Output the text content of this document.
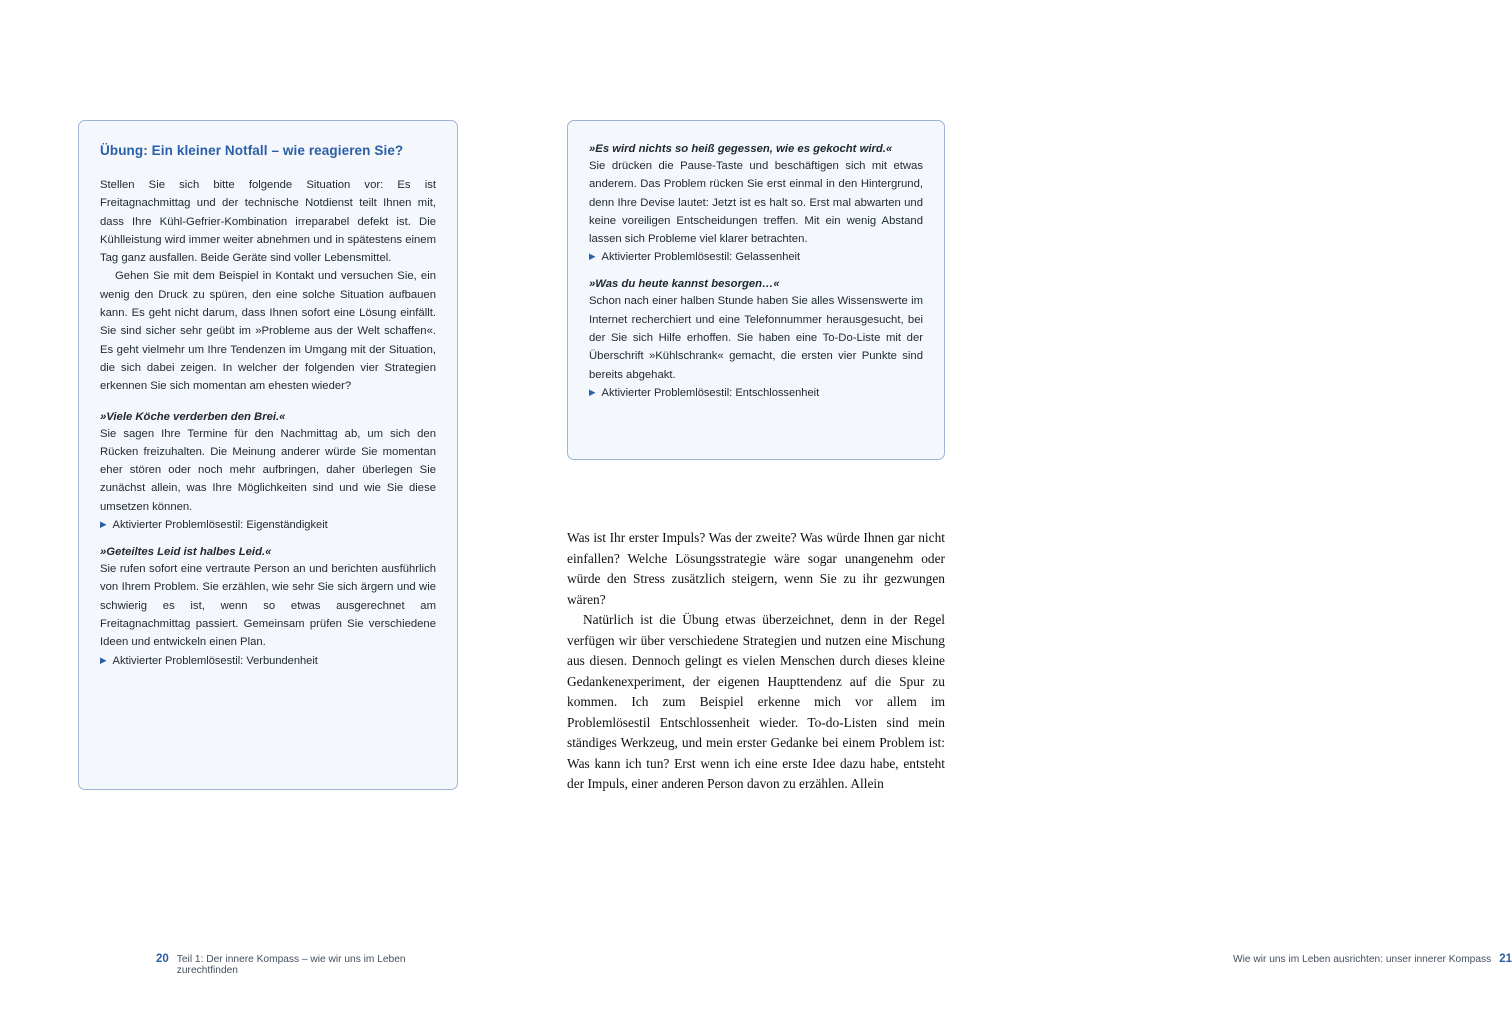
Übung: Ein kleiner Notfall – wie reagieren Sie?

Stellen Sie sich bitte folgende Situation vor: Es ist Freitagnachmittag und der technische Notdienst teilt Ihnen mit, dass Ihre Kühl-Gefrier-Kombination irreparabel defekt ist. Die Kühlleistung wird immer weiter abnehmen und in spätestens einem Tag ganz ausfallen. Beide Geräte sind voller Lebensmittel.

Gehen Sie mit dem Beispiel in Kontakt und versuchen Sie, ein wenig den Druck zu spüren, den eine solche Situation aufbauen kann. Es geht nicht darum, dass Ihnen sofort eine Lösung einfällt. Sie sind sicher sehr geübt im »Probleme aus der Welt schaffen«. Es geht vielmehr um Ihre Tendenzen im Umgang mit der Situation, die sich dabei zeigen. In welcher der folgenden vier Strategien erkennen Sie sich momentan am ehesten wieder?

»Viele Köche verderben den Brei.«

Sie sagen Ihre Termine für den Nachmittag ab, um sich den Rücken freizuhalten. Die Meinung anderer würde Sie momentan eher stören oder noch mehr aufbringen, daher überlegen Sie zunächst allein, was Ihre Möglichkeiten sind und wie Sie diese umsetzen können.

▶ Aktivierter Problemlösestil: Eigenständigkeit

»Geteiltes Leid ist halbes Leid.«

Sie rufen sofort eine vertraute Person an und berichten ausführlich von Ihrem Problem. Sie erzählen, wie sehr Sie sich ärgern und wie schwierig es ist, wenn so etwas ausgerechnet am Freitagnachmittag passiert. Gemeinsam prüfen Sie verschiedene Ideen und entwickeln einen Plan.

▶ Aktivierter Problemlösestil: Verbundenheit

20 Teil 1: Der innere Kompass – wie wir uns im Leben zurechtfinden
»Es wird nichts so heiß gegessen, wie es gekocht wird.«

Sie drücken die Pause-Taste und beschäftigen sich mit etwas anderem. Das Problem rücken Sie erst einmal in den Hintergrund, denn Ihre Devise lautet: Jetzt ist es halt so. Erst mal abwarten und keine voreiligen Entscheidungen treffen. Mit ein wenig Abstand lassen sich Probleme viel klarer betrachten.

▶ Aktivierter Problemlösestil: Gelassenheit

»Was du heute kannst besorgen…«

Schon nach einer halben Stunde haben Sie alles Wissenswerte im Internet recherchiert und eine Telefonnummer herausgesucht, bei der Sie sich Hilfe erhoffen. Sie haben eine To-Do-Liste mit der Überschrift »Kühlschrank« gemacht, die ersten vier Punkte sind bereits abgehakt.

▶ Aktivierter Problemlösestil: Entschlossenheit

Wie wir uns im Leben ausrichten: unser innerer Kompass 21

Was ist Ihr erster Impuls? Was der zweite? Was würde Ihnen gar nicht einfallen? Welche Lösungsstrategie wäre sogar unangenehm oder würde den Stress zusätzlich steigern, wenn Sie zu ihr gezwungen wären?

Natürlich ist die Übung etwas überzeichnet, denn in der Regel verfügen wir über verschiedene Strategien und nutzen eine Mischung aus diesen. Dennoch gelingt es vielen Menschen durch dieses kleine Gedankenexperiment, der eigenen Haupttendenz auf die Spur zu kommen. Ich zum Beispiel erkenne mich vor allem im Problemlösestil Entschlossenheit wieder. To-do-Listen sind mein ständiges Werkzeug, und mein erster Gedanke bei einem Problem ist: Was kann ich tun? Erst wenn ich eine erste Idee dazu habe, entsteht der Impuls, einer anderen Person davon zu erzählen. Allein
